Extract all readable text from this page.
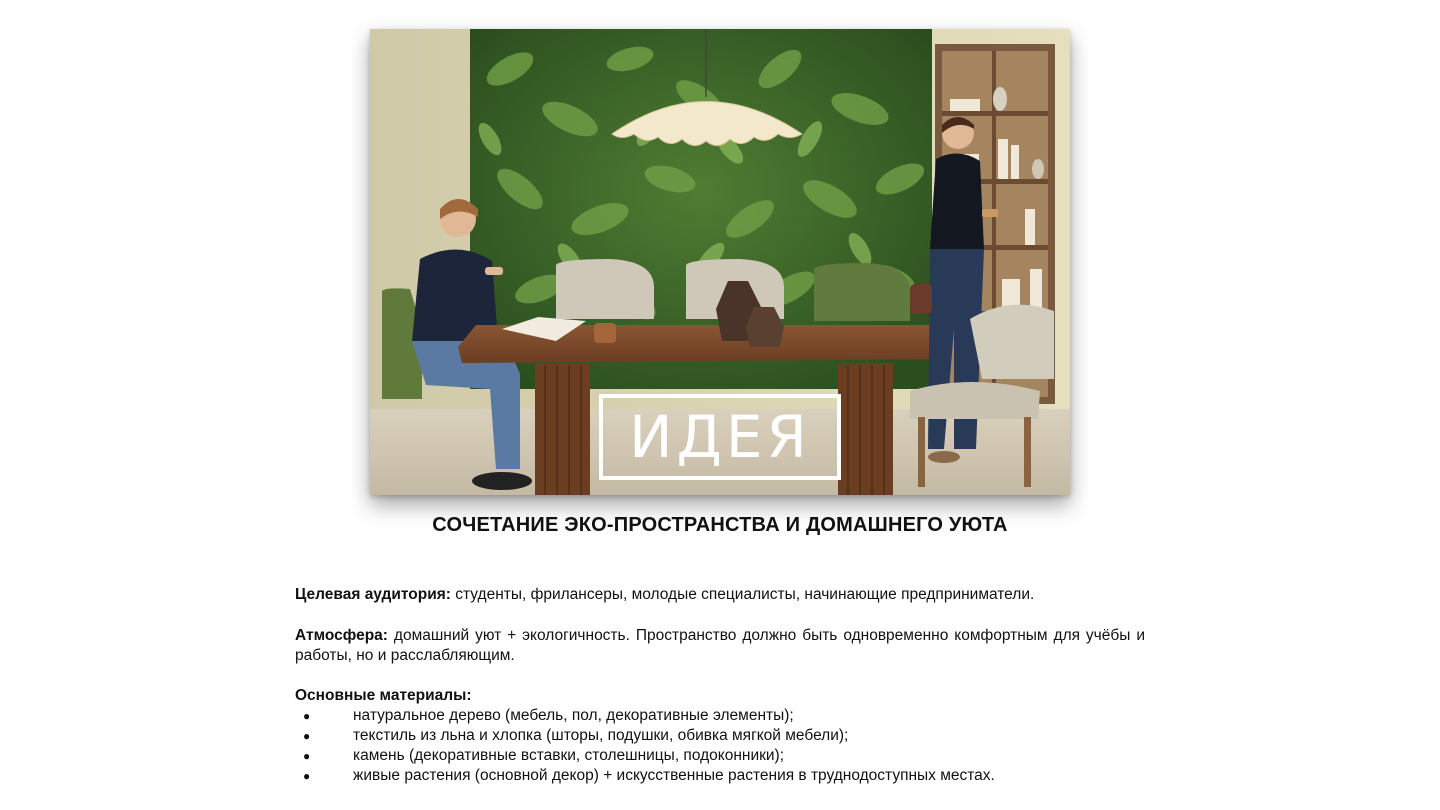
ИДЕЯ
СОЧЕТАНИЕ ЭКО-ПРОСТРАНСТВА И ДОМАШНЕГО УЮТА
Целевая аудитория: студенты, фрилансеры, молодые специалисты, начинающие предприниматели.
Атмосфера: домашний уют + экологичность. Пространство должно быть одновременно комфортным для учёбы и работы, но и расслабляющим.
Основные материалы:
●	натуральное дерево (мебель, пол, декоративные элементы);
●	текстиль из льна и хлопка (шторы, подушки, обивка мягкой мебели);
●	камень (декоративные вставки, столешницы, подоконники);
●	живые растения (основной декор) + искусственные растения в труднодоступных местах.
